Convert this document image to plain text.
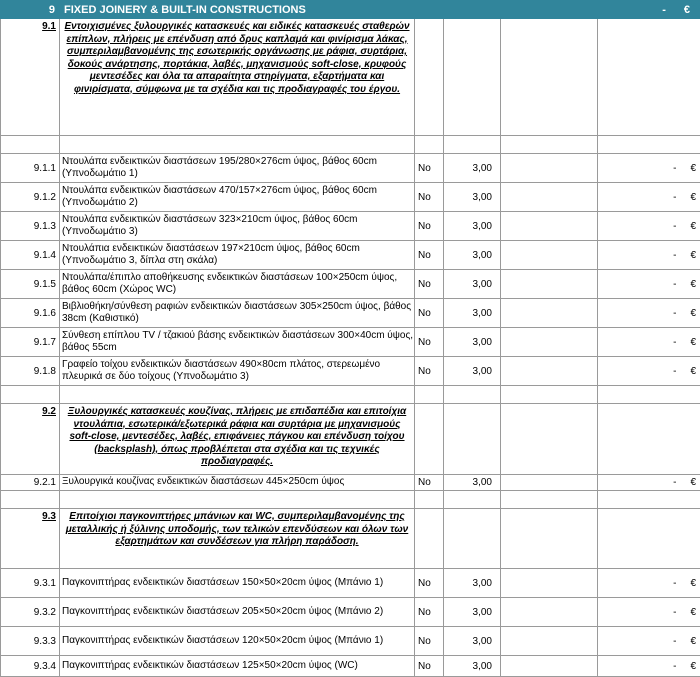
9	FIXED JOINERY & BUILT-IN CONSTRUCTIONS				- €
9.1	Εντοιχισμένες ξυλουργικές κατασκευές και ειδικές κατασκευές σταθερών επίπλων, πλήρεις με επένδυση από δρυς καπλαμά και φινίρισμα λάκας, συμπεριλαμβανομένης της εσωτερικής οργάνωσης με ράφια, συρτάρια, δοκούς ανάρτησης, πορτάκια, λαβές, μηχανισμούς soft-close, κρυφούς μεντεσέδες και όλα τα απαραίτητα στηρίγματα, εξαρτήματα και φινιρίσματα, σύμφωνα με τα σχέδια και τις προδιαγραφές του έργου.				

9.1.1	Ντουλάπα ενδεικτικών διαστάσεων 195/280×276cm ύψος, βάθος 60cm (Υπνοδωμάτιο 1)	Νο	3,00		- €
9.1.2	Ντουλάπα ενδεικτικών διαστάσεων 470/157×276cm ύψος, βάθος 60cm (Υπνοδωμάτιο 2)	Νο	3,00		- €
9.1.3	Ντουλάπα ενδεικτικών διαστάσεων 323×210cm ύψος, βάθος 60cm (Υπνοδωμάτιο 3)	Νο	3,00		- €
9.1.4	Ντουλάπια ενδεικτικών διαστάσεων 197×210cm ύψος, βάθος 60cm (Υπνοδωμάτιο 3, δίπλα στη σκάλα)	Νο	3,00		- €
9.1.5	Ντουλάπα/έπιπλο αποθήκευσης ενδεικτικών διαστάσεων 100×250cm ύψος, βάθος 60cm (Χώρος WC)	Νο	3,00		- €
9.1.6	Βιβλιοθήκη/σύνθεση ραφιών ενδεικτικών διαστάσεων 305×250cm ύψος, βάθος 38cm (Καθιστικό)	Νο	3,00		- €
9.1.7	Σύνθεση επίπλου TV / τζακιού βάσης ενδεικτικών διαστάσεων 300×40cm ύψος, βάθος 55cm	Νο	3,00		- €
9.1.8	Γραφείο τοίχου ενδεικτικών διαστάσεων 490×80cm πλάτος, στερεωμένο πλευρικά σε δύο τοίχους (Υπνοδωμάτιο 3)	Νο	3,00		- €

9.2	Ξυλουργικές κατασκευές κουζίνας, πλήρεις με επιδαπέδια και επιτοίχια ντουλάπια, εσωτερικά/εξωτερικά ράφια και συρτάρια με μηχανισμούς soft-close, μεντεσέδες, λαβές, επιφάνειες πάγκου και επένδυση τοίχου (backsplash), όπως προβλέπεται στα σχέδια και τις τεχνικές προδιαγραφές.				
9.2.1	Ξυλουργικά κουζίνας ενδεικτικών διαστάσεων 445×250cm ύψος	Νο	3,00		- €

9.3	Επιτοίχιοι παγκονιπτήρες μπάνιων και WC, συμπεριλαμβανομένης της μεταλλικής ή ξύλινης υποδομής, των τελικών επενδύσεων και όλων των εξαρτημάτων και συνδέσεων για πλήρη παράδοση.				
9.3.1	Παγκονιπτήρας ενδεικτικών διαστάσεων 150×50×20cm ύψος (Μπάνιο 1)	Νο	3,00		- €
9.3.2	Παγκονιπτήρας ενδεικτικών διαστάσεων 205×50×20cm ύψος (Μπάνιο 2)	Νο	3,00		- €
9.3.3	Παγκονιπτήρας ενδεικτικών διαστάσεων 120×50×20cm ύψος (Μπάνιο 1)	Νο	3,00		- €
9.3.4	Παγκονιπτήρας ενδεικτικών διαστάσεων 125×50×20cm ύψος (WC)	Νο	3,00		- €
